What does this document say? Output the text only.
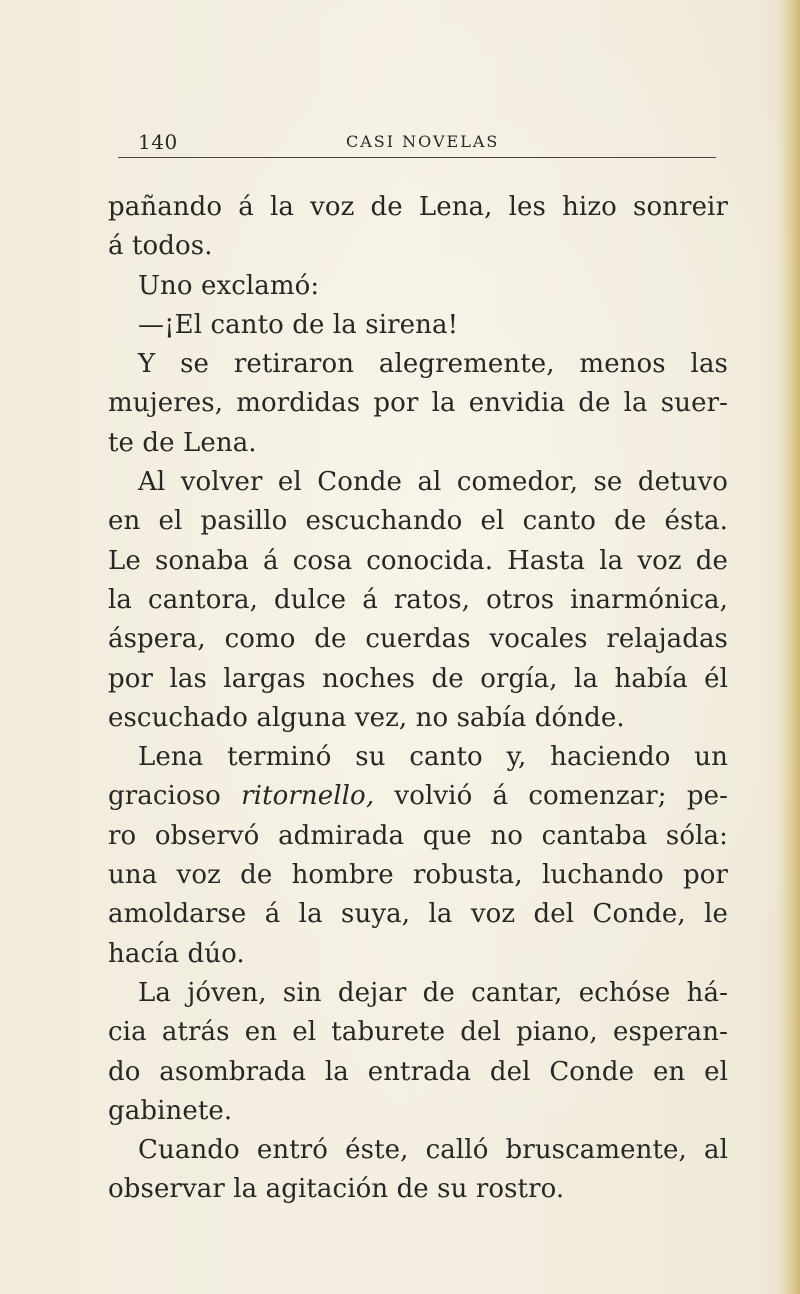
140	CASI NOVELAS
pañando á la voz de Lena, les hizo sonreir
á todos.
Uno exclamó:
—¡El canto de la sirena!
Y se retiraron alegremente, menos las
mujeres, mordidas por la envidia de la suer-
te de Lena.
Al volver el Conde al comedor, se detuvo
en el pasillo escuchando el canto de ésta.
Le sonaba á cosa conocida. Hasta la voz de
la cantora, dulce á ratos, otros inarmónica,
áspera, como de cuerdas vocales relajadas
por las largas noches de orgía, la había él
escuchado alguna vez, no sabía dónde.
Lena terminó su canto y, haciendo un
gracioso ritornello, volvió á comenzar; pe-
ro observó admirada que no cantaba sóla:
una voz de hombre robusta, luchando por
amoldarse á la suya, la voz del Conde, le
hacía dúo.
La jóven, sin dejar de cantar, echóse há-
cia atrás en el taburete del piano, esperan-
do asombrada la entrada del Conde en el
gabinete.
Cuando entró éste, calló bruscamente, al
observar la agitación de su rostro.
